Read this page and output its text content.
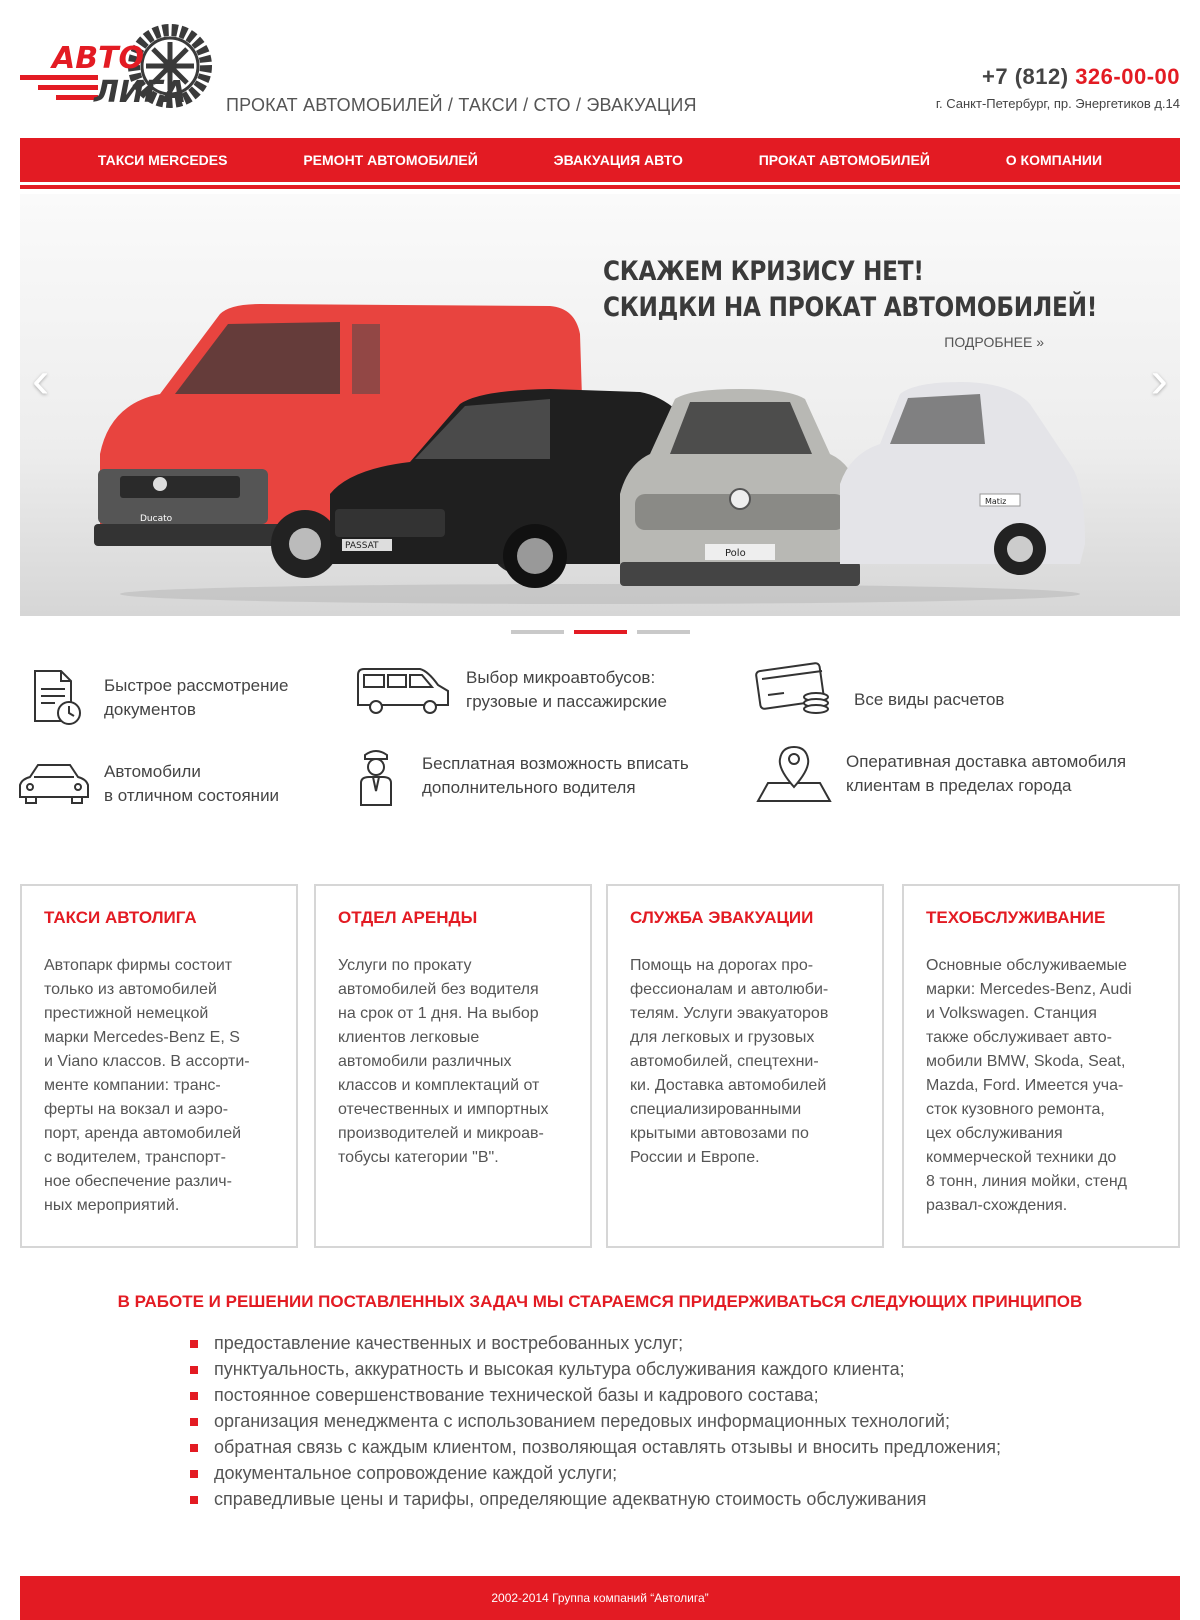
АВТО
ЛИГА ПРОКАТ АВТОМОБИЛЕЙ / ТАКСИ / СТО / ЭВАКУАЦИЯ
+7 (812) 326-00-00
г. Санкт-Петербург, пр. Энергетиков д.14
ТАКСИ MERCEDES	РЕМОНТ АВТОМОБИЛЕЙ	ЭВАКУАЦИЯ АВТО	ПРОКАТ АВТОМОБИЛЕЙ	О КОМПАНИИ
Ducato
PASSAT
Polo
Matiz
СКАЖЕМ КРИЗИСУ НЕТ!
СКИДКИ НА ПРОКАТ АВТОМОБИЛЕЙ!
ПОДРОБНЕЕ »
‹	›
Быстрое рассмотрение
документов
Выбор микроавтобусов:
грузовые и пассажирские	Все виды расчетов
Автомобили
в отличном состоянии
Бесплатная возможность вписать
дополнительного водителя
Оперативная доставка автомобиля
клиентам в пределах города
ТАКСИ АВТОЛИГА
Автопарк фирмы состоит
только из автомобилей
престижной немецкой
марки Mercedes-Benz E, S
и Viano классов. В ассорти-
менте компании: транс-
ферты на вокзал и аэро-
порт, аренда автомобилей
с водителем, транспорт-
ное обеспечение различ-
ных мероприятий.
ОТДЕЛ АРЕНДЫ
Услуги по прокату
автомобилей без водителя
на срок от 1 дня. На выбор
клиентов легковые
автомобили различных
классов и комплектаций от
отечественных и импортных
производителей и микроав-
тобусы категории "B".
СЛУЖБА ЭВАКУАЦИИ
Помощь на дорогах про-
фессионалам и автолюби-
телям. Услуги эвакуаторов
для легковых и грузовых
автомобилей, спецтехни-
ки. Доставка автомобилей
специализированными
крытыми автовозами по
России и Европе.
ТЕХОБСЛУЖИВАНИЕ
Основные обслуживаемые
марки: Mercedes-Benz, Audi
и Volkswagen. Станция
также обслуживает авто-
мобили BMW, Skoda, Seat,
Mazda, Ford. Имеется уча-
сток кузовного ремонта,
цех обслуживания
коммерческой техники до
8 тонн, линия мойки, стенд
развал-схождения.
В РАБОТЕ И РЕШЕНИИ ПОСТАВЛЕННЫХ ЗАДАЧ МЫ СТАРАЕМСЯ ПРИДЕРЖИВАТЬСЯ СЛЕДУЮЩИХ ПРИНЦИПОВ
предоставление качественных и востребованных услуг;
пунктуальность, аккуратность и высокая культура обслуживания каждого клиента;
постоянное совершенствование технической базы и кадрового состава;
организация менеджмента с использованием передовых информационных технологий;
обратная связь с каждым клиентом, позволяющая оставлять отзывы и вносить предложения;
документальное сопровождение каждой услуги;
справедливые цены и тарифы, определяющие адекватную стоимость обслуживания
2002-2014 Группа компаний “Автолига”
